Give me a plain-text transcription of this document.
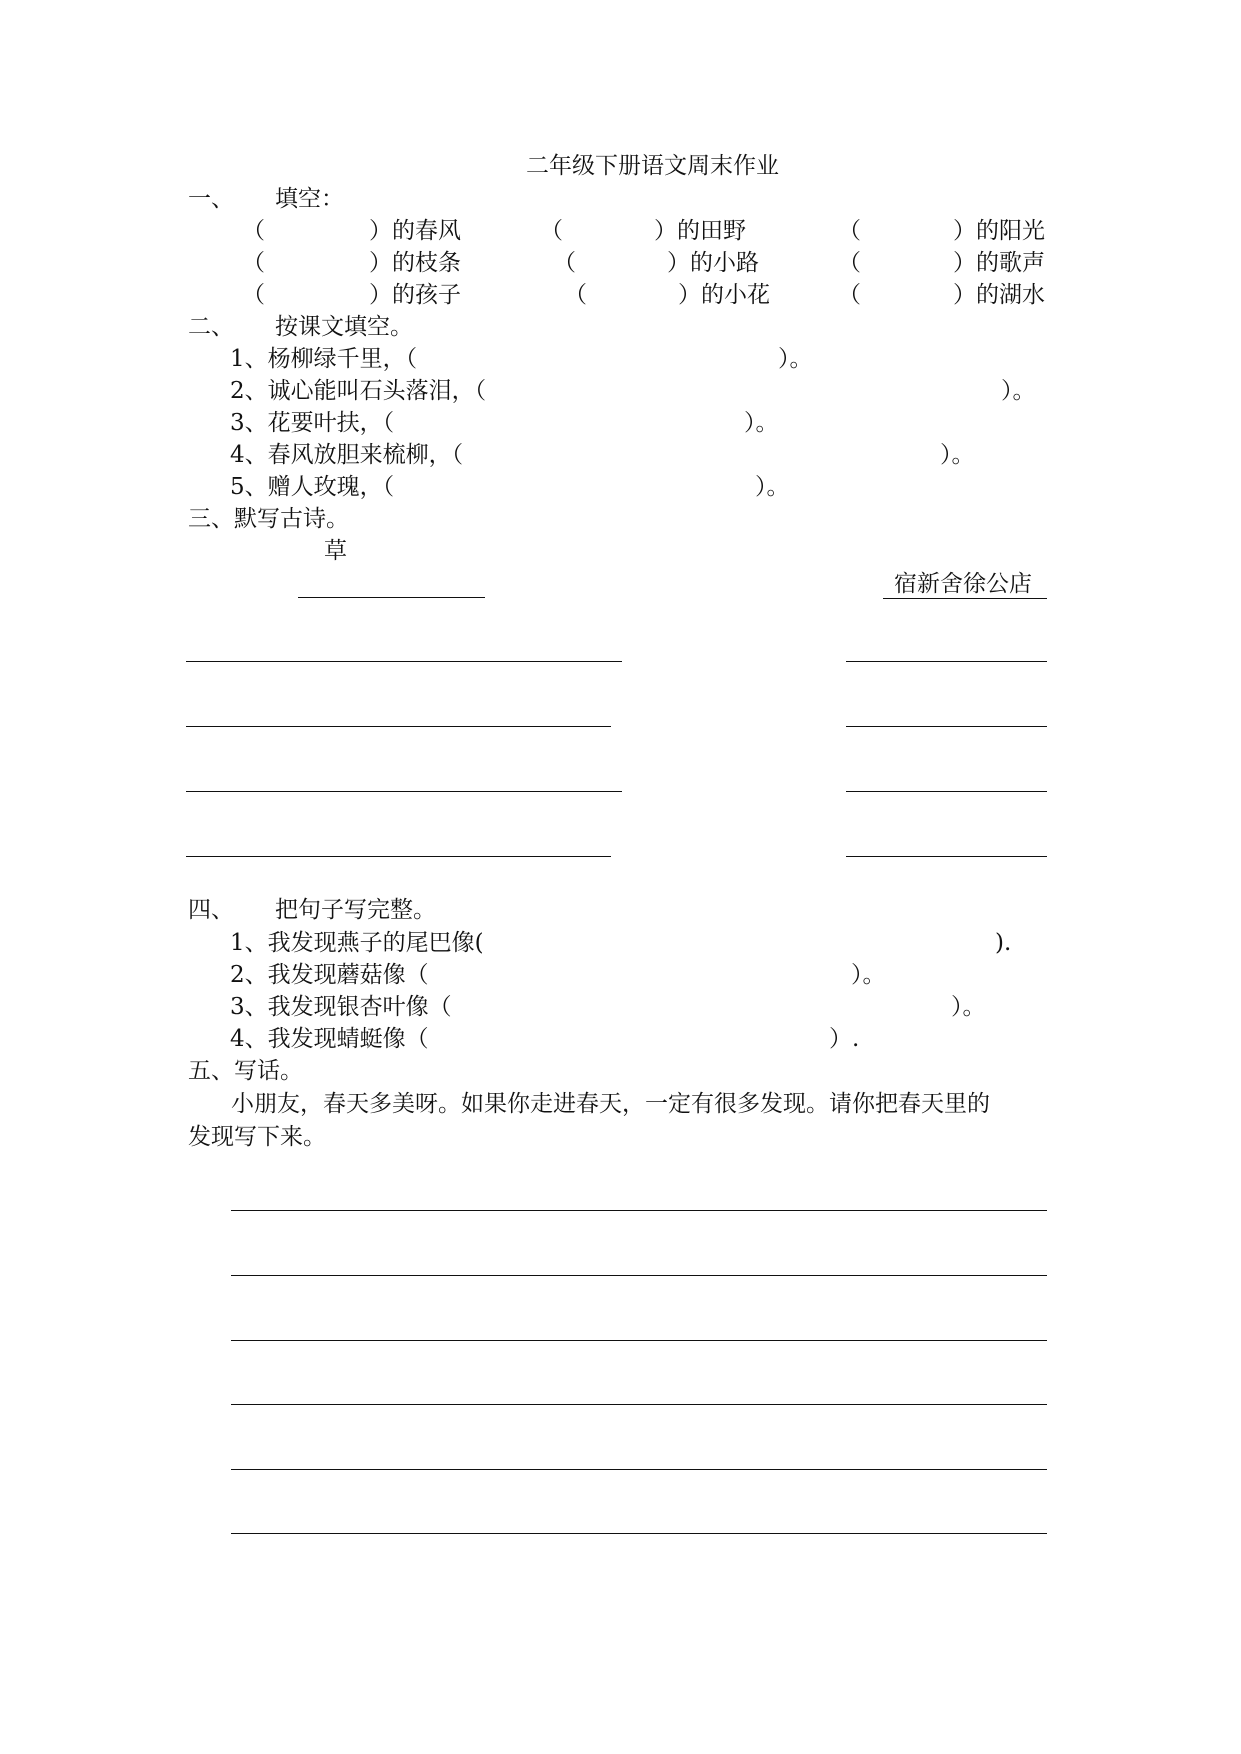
二年级下册语文周末作业
一、 填空：
（	）的春风	（	）的田野	（	）的阳光
（	）的枝条	（	）的小路	（	）的歌声
（	）的孩子	（	）的小花	（	）的湖水
二、 按课文填空。
1、杨柳绿千里，（	）。
2、诚心能叫石头落泪，（	）。
3、花要叶扶，（	）。
4、春风放胆来梳柳，（	）。
5、赠人玫瑰，（	）。
三、默写古诗。
草
宿新舍徐公店
四、 把句子写完整。
1、我发现燕子的尾巴像(	).
2、我发现蘑菇像（	）。
3、我发现银杏叶像（	）。
4、我发现蜻蜓像（	）.
五、写话。
小朋友，春天多美呀。如果你走进春天，一定有很多发现。请你把春天里的
发现写下来。
